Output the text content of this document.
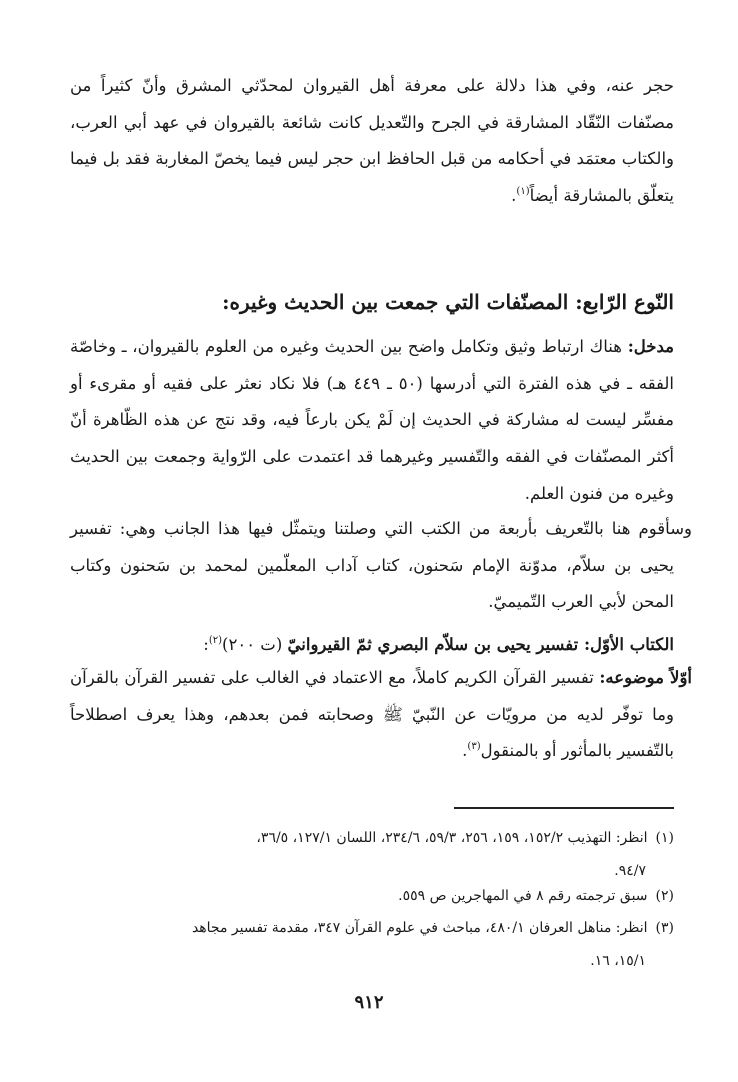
حجر عنه، وفي هذا دلالة على معرفة أهل القيروان لمحدّثي المشرق وأنّ كثيراً من مصنّفات النّقّاد المشارقة في الجرح والتّعديل كانت شائعة بالقيروان في عهد أبي العرب، والكتاب معتمَد في أحكامه من قبل الحافظ ابن حجر ليس فيما يخصّ المغاربة فقد بل فيما يتعلّق بالمشارقة أيضاً$^{(١)}$.

النّوع الرّابع: المصنّفات التي جمعت بين الحديث وغيره:

مدخل: هناك ارتباط وثيق وتكامل واضح بين الحديث وغيره من العلوم بالقيروان، ـ وخاصّة الفقه ـ في هذه الفترة التي أدرسها (٥٠ ـ ٤٤٩ هـ) فلا نكاد نعثر على فقيه أو مقرىء أو مفسِّر ليست له مشاركة في الحديث إن لَمْ يكن بارعاً فيه، وقد نتج عن هذه الظّاهرة أنّ أكثر المصنّفات في الفقه والتّفسير وغيرهما قد اعتمدت على الرّواية وجمعت بين الحديث وغيره من فنون العلم.

وسأقوم هنا بالتّعريف بأربعة من الكتب التي وصلتنا ويتمثّل فيها هذا الجانب وهي: تفسير يحيى بن سلاّم، مدوّنة الإمام سَحنون، كتاب آداب المعلّمين لمحمد بن سَحنون وكتاب المحن لأبي العرب التّميميّ.

الكتاب الأوّل: تفسير يحيى بن سلاّم البصري ثمّ القيروانيّ (ت ٢٠٠)$^{(٢)}$:

أوّلاً موضوعه: تفسير القرآن الكريم كاملاً، مع الاعتماد في الغالب على تفسير القرآن بالقرآن وما توفّر لديه من مرويّات عن النّبيّ ﷺ وصحابته فمن بعدهم، وهذا يعرف اصطلاحاً بالتّفسير بالمأثور أو بالمنقول$^{(٣)}$.

(١)انظر: التهذيب ١٥٢/٢، ١٥٩، ٢٥٦، ٥٩/٣، ٢٣٤/٦، اللسان ١٢٧/١، ٣٦/٥،
٩٤/٧.
(٢)سبق ترجمته رقم ٨ في المهاجرين ص ٥٥٩.
(٣)انظر: مناهل العرفان ٤٨٠/١، مباحث في علوم القرآن ٣٤٧، مقدمة تفسير مجاهد
١٥/١، ١٦.
٩١٢
